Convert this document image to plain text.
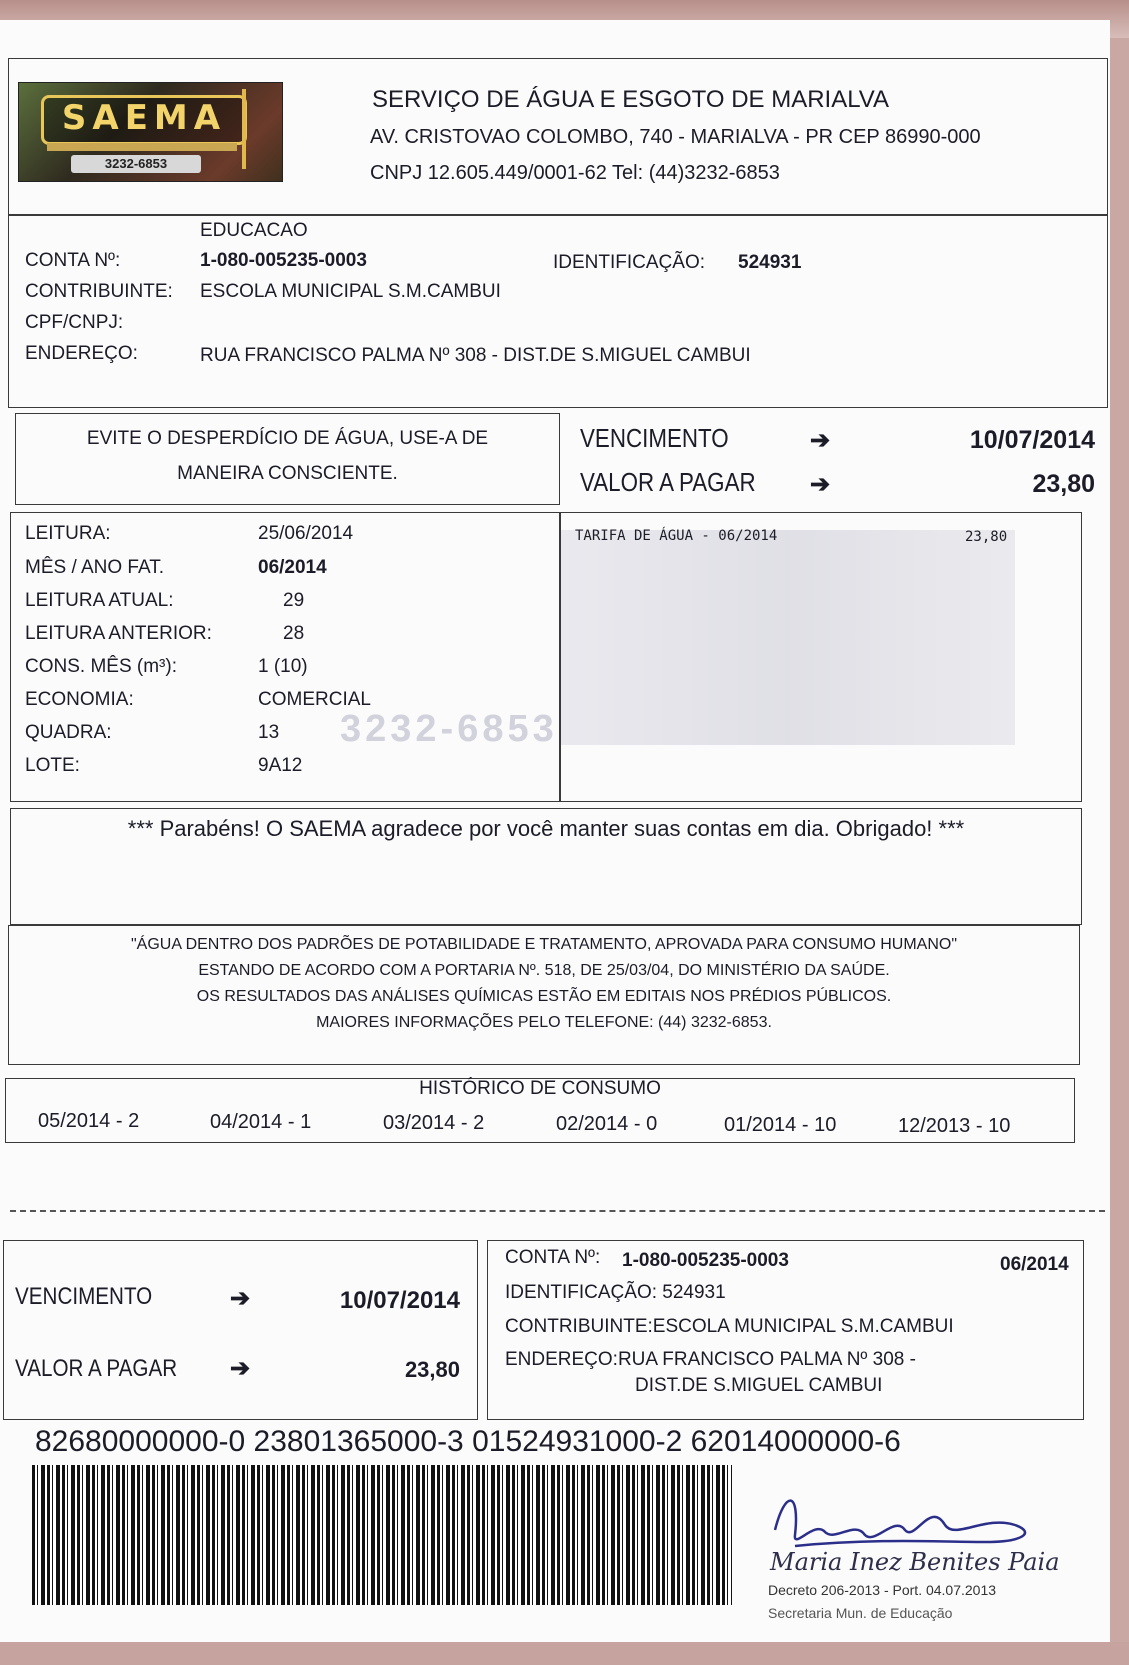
SAEMA
3232-6853
SERVIÇO DE ÁGUA E ESGOTO DE MARIALVA
AV. CRISTOVAO COLOMBO, 740 - MARIALVA - PR CEP 86990-000
CNPJ 12.605.449/0001-62 Tel: (44)3232-6853
EDUCACAO
CONTA Nº:	1-080-005235-0003	IDENTIFICAÇÃO: 524931
CONTRIBUINTE: ESCOLA MUNICIPAL S.M.CAMBUI
CPF/CNPJ:
ENDEREÇO:	RUA FRANCISCO PALMA Nº 308 - DIST.DE S.MIGUEL CAMBUI
EVITE O DESPERDÍCIO DE ÁGUA, USE-A DE
MANEIRA CONSCIENTE.
VENCIMENTO	➔	10/07/2014
VALOR A PAGAR ➔	23,80
LEITURA:	25/06/2014
MÊS / ANO FAT.	06/2014
LEITURA ATUAL:	29
LEITURA ANTERIOR:	28
CONS. MÊS (m³):	1 (10)
ECONOMIA:	COMERCIAL
QUADRA:	13
LOTE:	9A12
3232-6853
TARIFA DE ÁGUA - 06/2014	23,80
*** Parabéns! O SAEMA agradece por você manter suas contas em dia. Obrigado! ***
"ÁGUA DENTRO DOS PADRÕES DE POTABILIDADE E TRATAMENTO, APROVADA PARA CONSUMO HUMANO"
ESTANDO DE ACORDO COM A PORTARIA Nº. 518, DE 25/03/04, DO MINISTÉRIO DA SAÚDE.
OS RESULTADOS DAS ANÁLISES QUÍMICAS ESTÃO EM EDITAIS NOS PRÉDIOS PÚBLICOS.
MAIORES INFORMAÇÕES PELO TELEFONE: (44) 3232-6853.
HISTÓRICO DE CONSUMO
05/2014 - 2	04/2014 - 1	03/2014 - 2	02/2014 - 0	01/2014 - 10	12/2013 - 10
VENCIMENTO	➔	10/07/2014
VALOR A PAGAR ➔	23,80
CONTA Nº: 1-080-005235-0003	06/2014
IDENTIFICAÇÃO: 524931
CONTRIBUINTE:ESCOLA MUNICIPAL S.M.CAMBUI
ENDEREÇO:RUA FRANCISCO PALMA Nº 308 -
DIST.DE S.MIGUEL CAMBUI
82680000000-0 23801365000-3 01524931000-2 62014000000-6
Maria Inez Benites Paia
Decreto 206-2013 - Port. 04.07.2013
Secretaria Mun. de Educação
